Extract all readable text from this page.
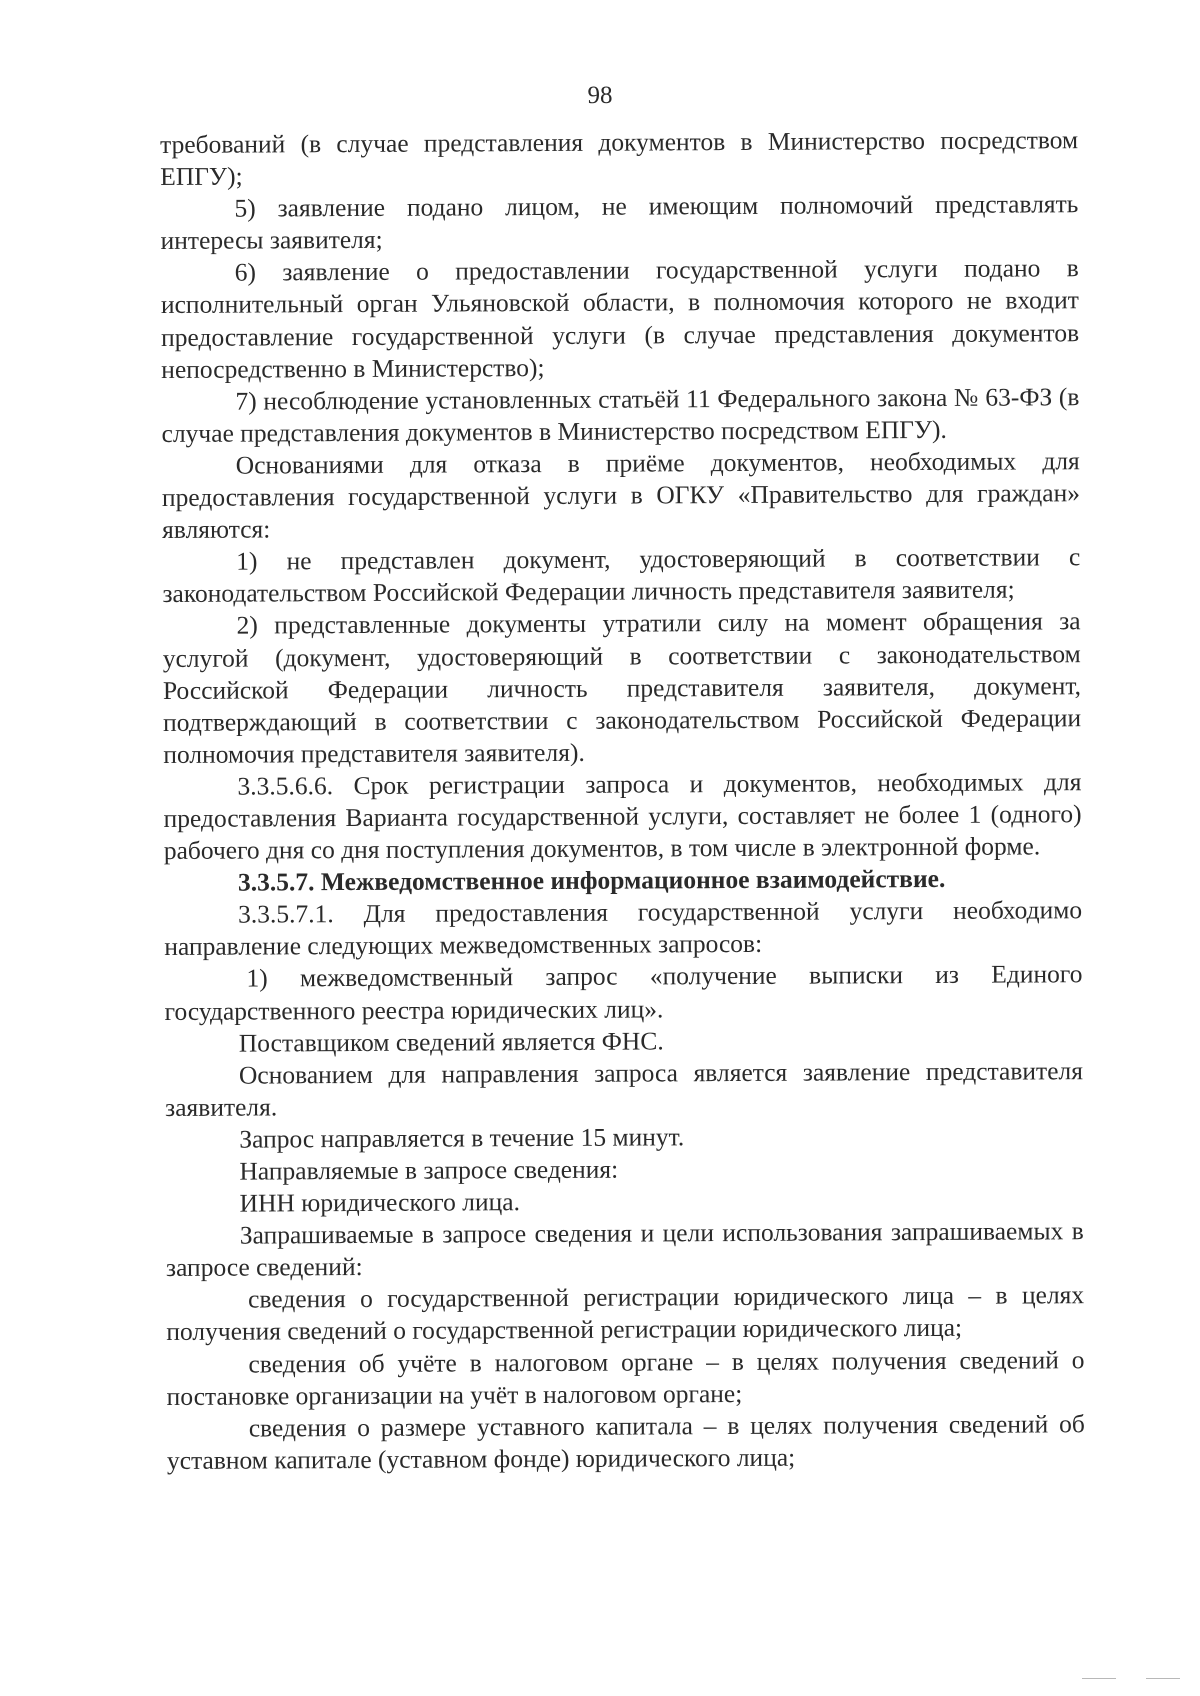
98

требований (в случае представления документов в Министерство посредством ЕПГУ);

5) заявление подано лицом, не имеющим полномочий представлять интересы заявителя;

6) заявление о предоставлении государственной услуги подано в исполнительный орган Ульяновской области, в полномочия которого не входит предоставление государственной услуги (в случае представления документов непосредственно в Министерство);

7) несоблюдение установленных статьёй 11 Федерального закона № 63-ФЗ (в случае представления документов в Министерство посредством ЕПГУ).

Основаниями для отказа в приёме документов, необходимых для предоставления государственной услуги в ОГКУ «Правительство для граждан» являются:

1) не представлен документ, удостоверяющий в соответствии с законодательством Российской Федерации личность представителя заявителя;

2) представленные документы утратили силу на момент обращения за услугой (документ, удостоверяющий в соответствии с законодательством Российской Федерации личность представителя заявителя, документ, подтверждающий в соответствии с законодательством Российской Федерации полномочия представителя заявителя).

3.3.5.6.6. Срок регистрации запроса и документов, необходимых для предоставления Варианта государственной услуги, составляет не более 1 (одного) рабочего дня со дня поступления документов, в том числе в электронной форме.

3.3.5.7. Межведомственное информационное взаимодействие.

3.3.5.7.1. Для предоставления государственной услуги необходимо направление следующих межведомственных запросов:

1) межведомственный запрос «получение выписки из Единого государственного реестра юридических лиц».

Поставщиком сведений является ФНС.

Основанием для направления запроса является заявление представителя заявителя.

Запрос направляется в течение 15 минут.

Направляемые в запросе сведения:

ИНН юридического лица.

Запрашиваемые в запросе сведения и цели использования запрашиваемых в запросе сведений:

сведения о государственной регистрации юридического лица – в целях получения сведений о государственной регистрации юридического лица;

сведения об учёте в налоговом органе – в целях получения сведений о постановке организации на учёт в налоговом органе;

сведения о размере уставного капитала – в целях получения сведений об уставном капитале (уставном фонде) юридического лица;
